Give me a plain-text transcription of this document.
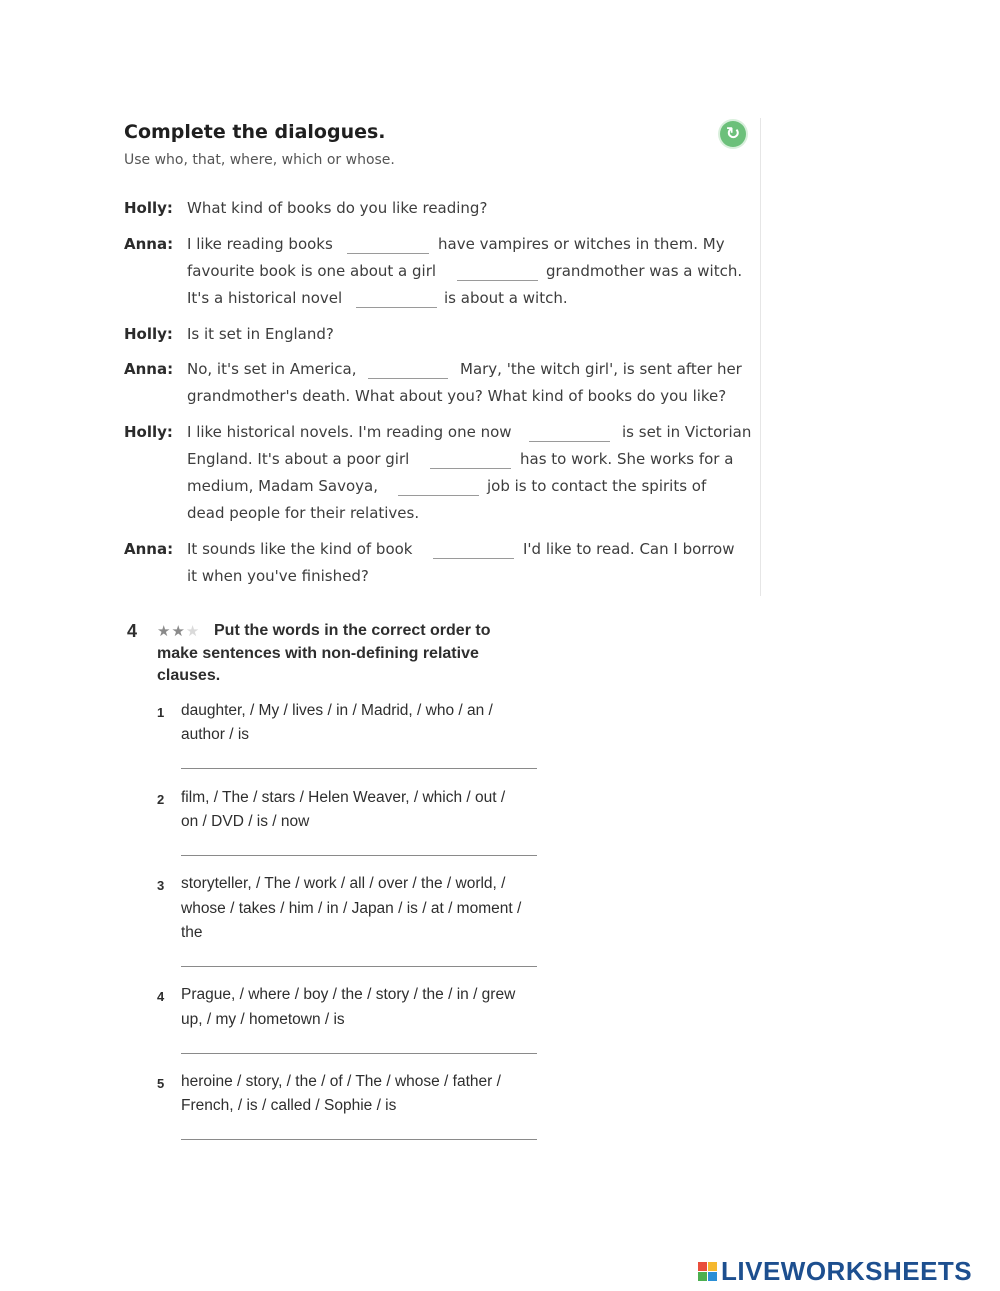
Complete the dialogues.
Use who, that, where, which or whose.
↻
Holly: What kind of books do you like reading?
Anna: I like reading books	have vampires or witches in them. My
favourite book is one about a girl	grandmother was a witch.
It's a historical novel	is about a witch.
Holly: Is it set in England?
Anna: No, it's set in America,	Mary, 'the witch girl', is sent after her
grandmother's death. What about you? What kind of books do you like?
Holly: I like historical novels. I'm reading one now	is set in Victorian
England. It's about a poor girl	has to work. She works for a
medium, Madam Savoya,	job is to contact the spirits of
dead people for their relatives.
Anna: It sounds like the kind of book	I'd like to read. Can I borrow
it when you've finished?
4 ★★★ Put the words in the correct order to
make sentences with non-defining relative
clauses.
1 daughter, / My / lives / in / Madrid, / who / an /
author / is
2 film, / The / stars / Helen Weaver, / which / out /
on / DVD / is / now
3 storyteller, / The / work / all / over / the / world, /
whose / takes / him / in / Japan / is / at / moment /
the
4 Prague, / where / boy / the / story / the / in / grew
up, / my / hometown / is
5 heroine / story, / the / of / The / whose / father /
French, / is / called / Sophie / is
LIVEWORKSHEETS
